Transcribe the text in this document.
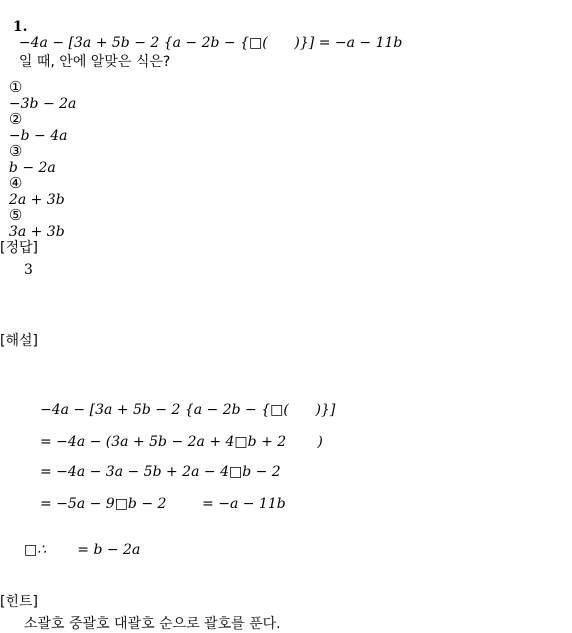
1.
−4a − [3a + 5b − 2 {a − 2b − {□(      )}] = −a − 11b
일 때, 안에 알맞은 식은?

①
−3b − 2a

②
−b − 4a

③
b − 2a

④
2a + 3b

⑤
3a + 3b

[정답]
3
[해설]
−4a − [3a + 5b − 2 {a − 2b − {□(      )}]
= −4a − (3a + 5b − 2a + 4□b + 2       )
= −4a − 3a − 5b + 2a − 4□b − 2
= −5a − 9□b − 2        = −a − 11b
□∴       = b − 2a
[힌트]
소괄호 중괄호 대괄호 순으로 괄호를 푼다.
